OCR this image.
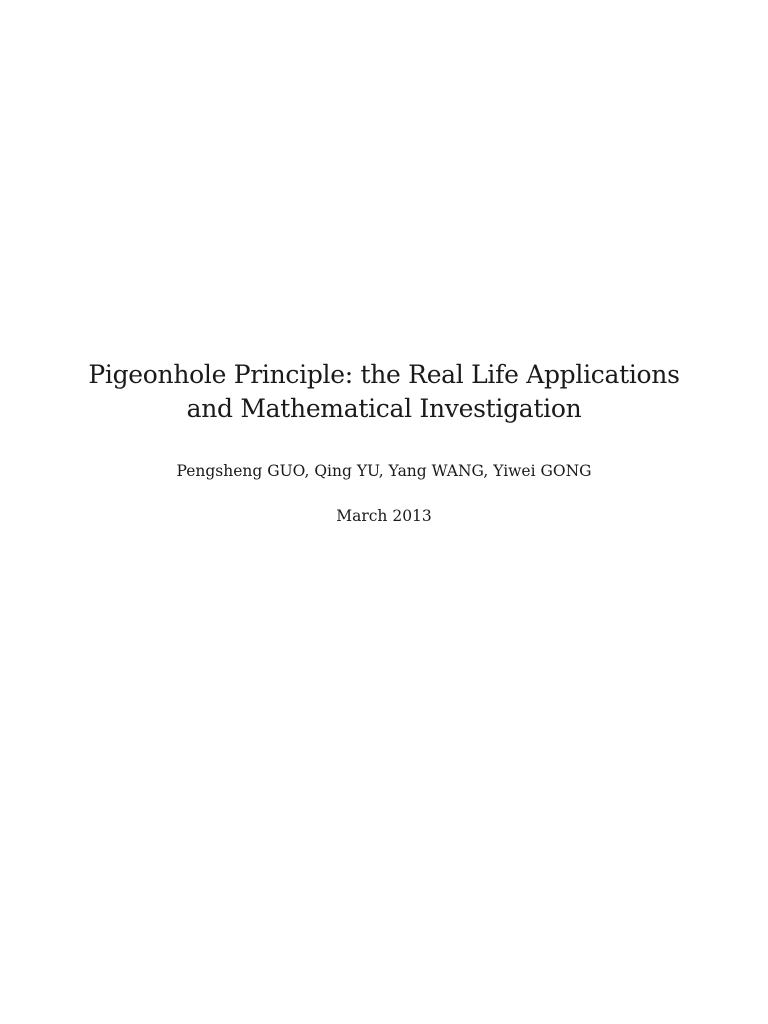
Pigeonhole Principle: the Real Life Applications
and Mathematical Investigation
Pengsheng GUO, Qing YU, Yang WANG, Yiwei GONG
March 2013
